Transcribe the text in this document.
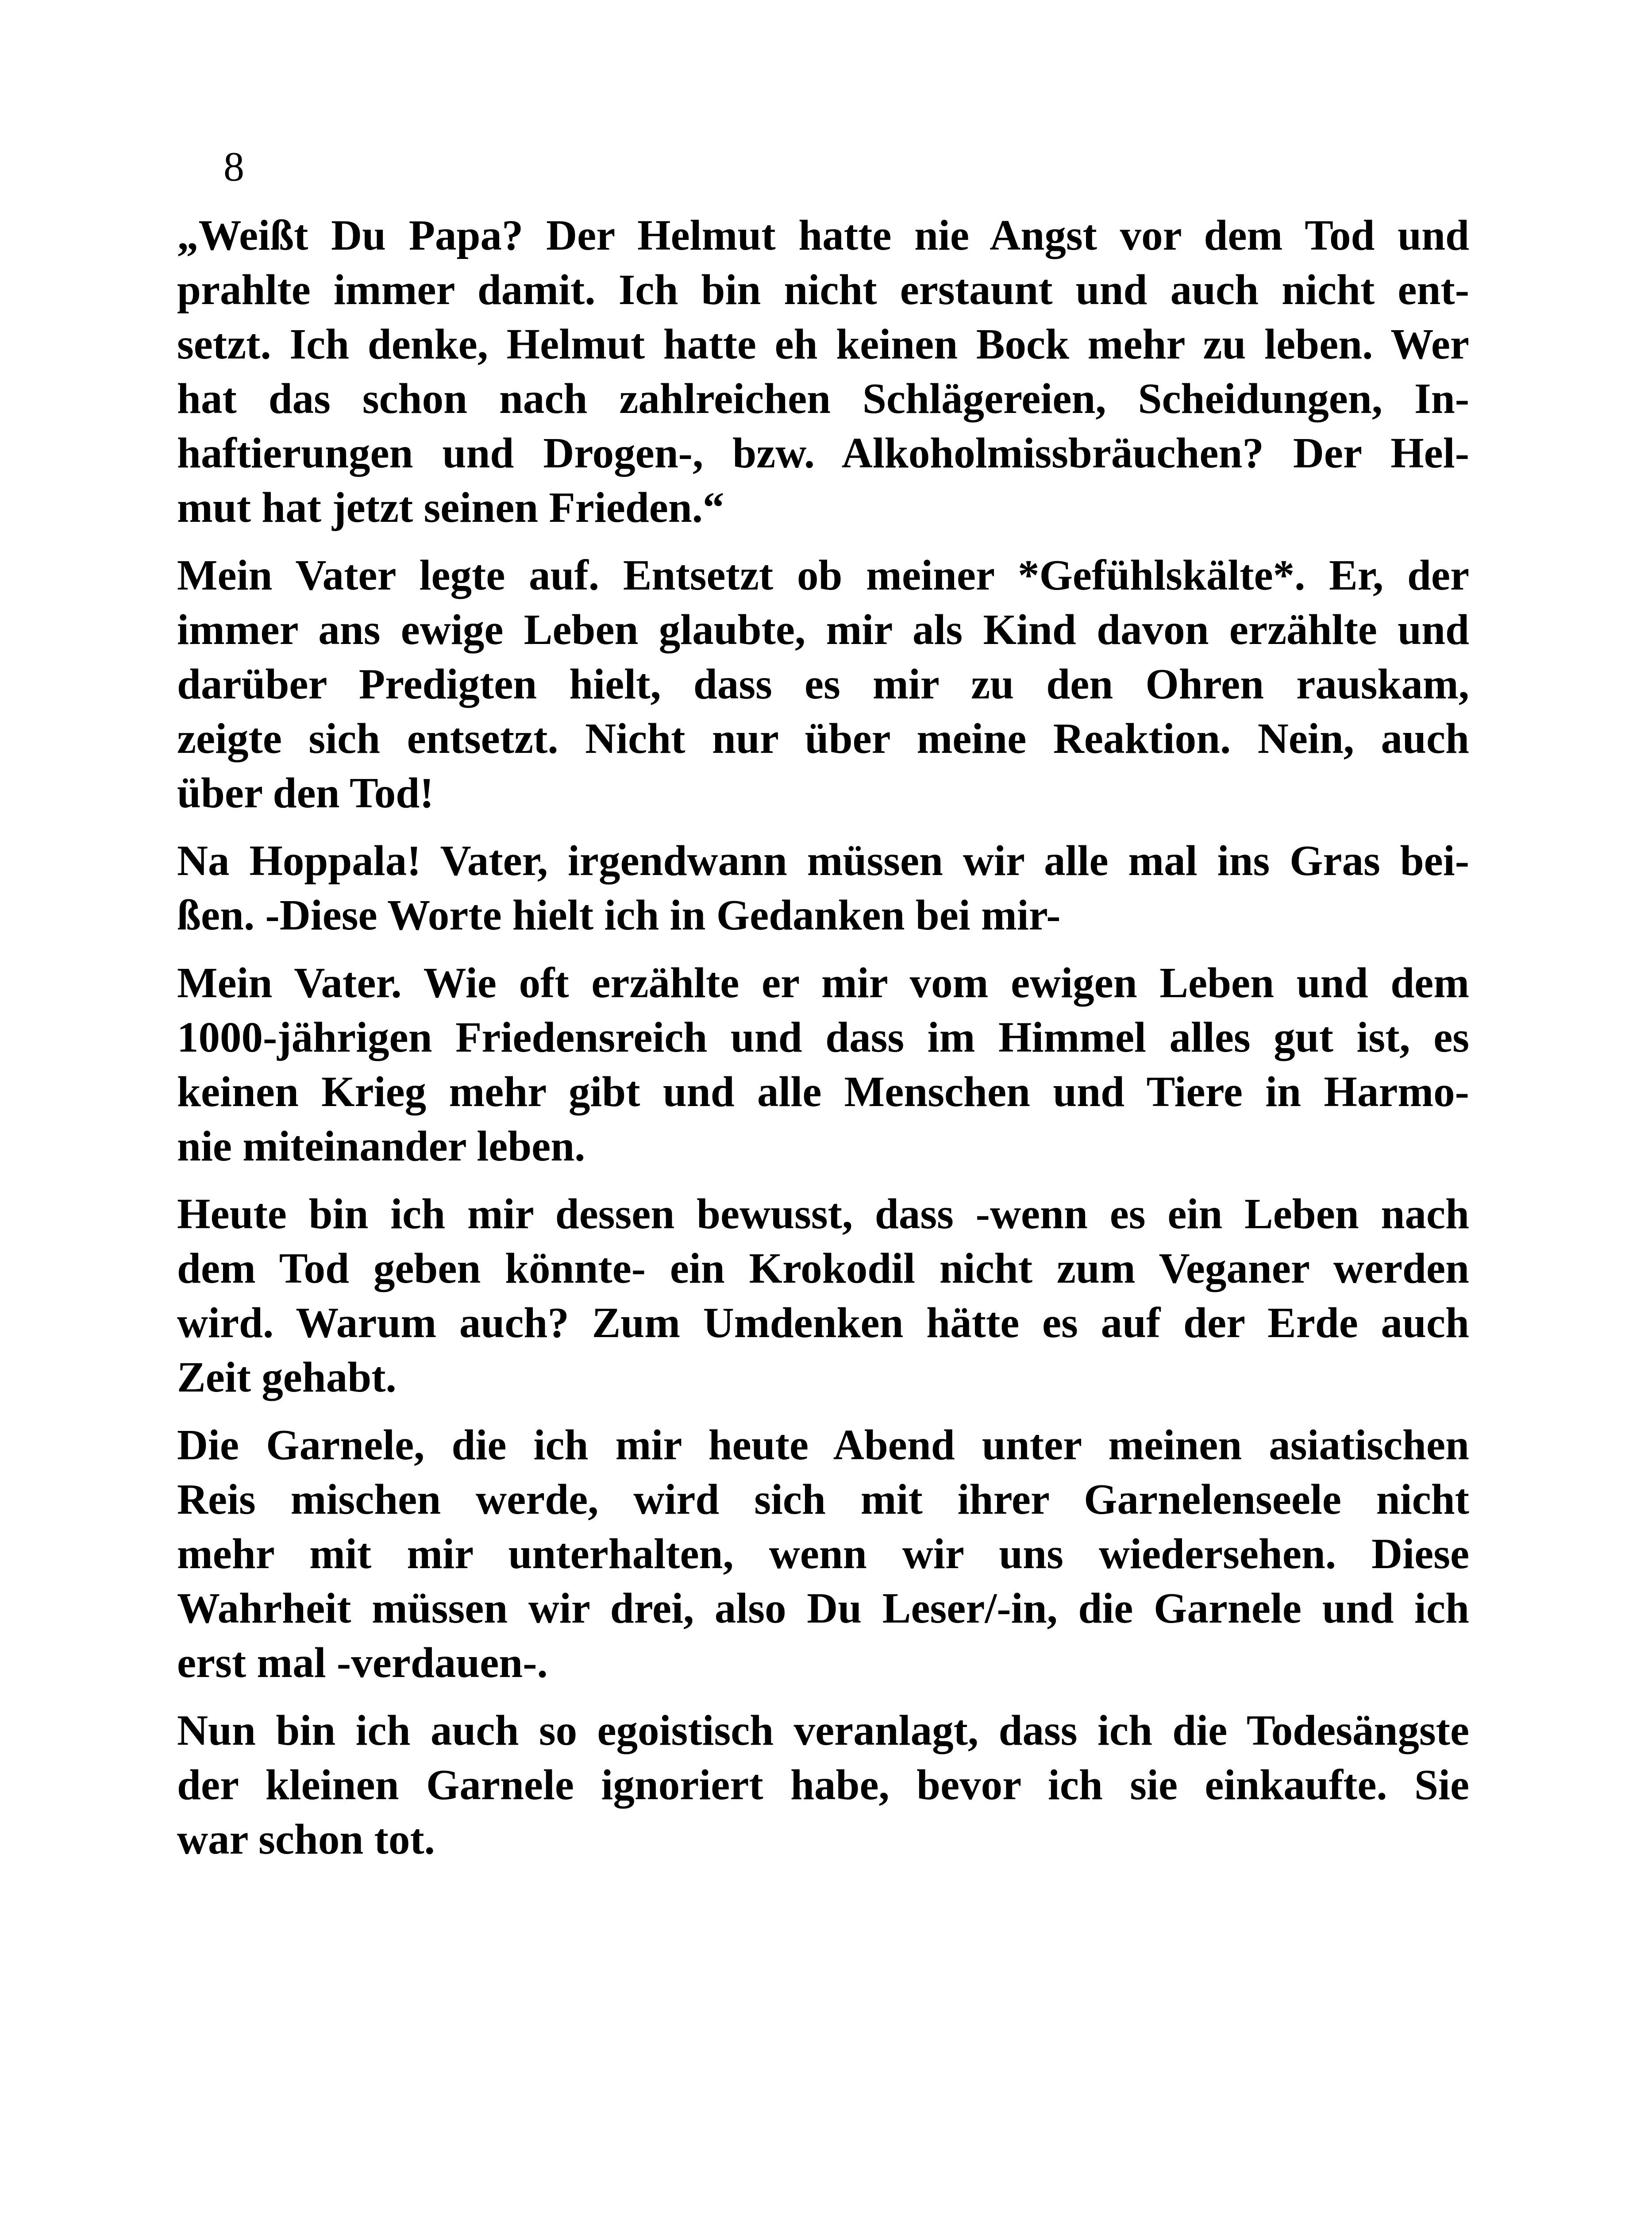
8
„Weißt Du Papa? Der Helmut hatte nie Angst vor dem Tod und
prahlte immer damit. Ich bin nicht erstaunt und auch nicht ent-
setzt. Ich denke, Helmut hatte eh keinen Bock mehr zu leben. Wer
hat das schon nach zahlreichen Schlägereien, Scheidungen, In-
haftierungen und Drogen-, bzw. Alkoholmissbräuchen? Der Hel-
mut hat jetzt seinen Frieden.“
Mein Vater legte auf. Entsetzt ob meiner *Gefühlskälte*. Er, der
immer ans ewige Leben glaubte, mir als Kind davon erzählte und
darüber Predigten hielt, dass es mir zu den Ohren rauskam,
zeigte sich entsetzt. Nicht nur über meine Reaktion. Nein, auch
über den Tod!
Na Hoppala! Vater, irgendwann müssen wir alle mal ins Gras bei-
ßen. -Diese Worte hielt ich in Gedanken bei mir-
Mein Vater. Wie oft erzählte er mir vom ewigen Leben und dem
1000-jährigen Friedensreich und dass im Himmel alles gut ist, es
keinen Krieg mehr gibt und alle Menschen und Tiere in Harmo-
nie miteinander leben.
Heute bin ich mir dessen bewusst, dass -wenn es ein Leben nach
dem Tod geben könnte- ein Krokodil nicht zum Veganer werden
wird. Warum auch? Zum Umdenken hätte es auf der Erde auch
Zeit gehabt.
Die Garnele, die ich mir heute Abend unter meinen asiatischen
Reis mischen werde, wird sich mit ihrer Garnelenseele nicht
mehr mit mir unterhalten, wenn wir uns wiedersehen. Diese
Wahrheit müssen wir drei, also Du Leser/-in, die Garnele und ich
erst mal -verdauen-.
Nun bin ich auch so egoistisch veranlagt, dass ich die Todesängste
der kleinen Garnele ignoriert habe, bevor ich sie einkaufte. Sie
war schon tot.
